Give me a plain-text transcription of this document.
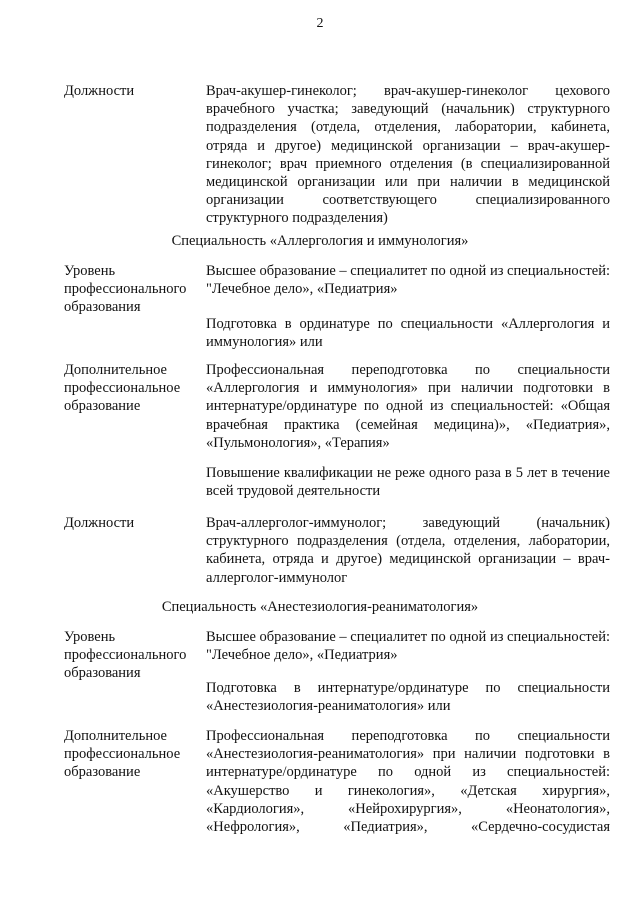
2
Должности	Врач-акушер-гинеколог; врач-акушер-гинеколог цехового врачебного участка; заведующий (начальник) структурного подразделения (отдела, отделения, лаборатории, кабинета, отряда и другое) медицинской организации – врач-акушер-гинеколог; врач приемного отделения (в специализированной медицинской организации или при наличии в медицинской организации соответствующего специализированного структурного подразделения)
Специальность «Аллергология и иммунология»
Уровень
профессионального
образования
Высшее образование – специалитет по одной из специальностей: "Лечебное дело», «Педиатрия»
Подготовка в ординатуре по специальности «Аллергология и иммунология» или
Дополнительное
профессиональное
образование
Профессиональная переподготовка по специальности «Аллергология и иммунология» при наличии подготовки в интернатуре/ординатуре по одной из специальностей: «Общая врачебная практика (семейная медицина)», «Педиатрия», «Пульмонология», «Терапия»
Повышение квалификации не реже одного раза в 5 лет в течение всей трудовой деятельности
Должности	Врач-аллерголог-иммунолог; заведующий (начальник) структурного подразделения (отдела, отделения, лаборатории, кабинета, отряда и другое) медицинской организации – врач-аллерголог-иммунолог
Специальность «Анестезиология-реаниматология»
Уровень
профессионального
образования
Высшее образование – специалитет по одной из специальностей: "Лечебное дело», «Педиатрия»
Подготовка в интернатуре/ординатуре по специальности «Анестезиология-реаниматология» или
Дополнительное
профессиональное
образование
Профессиональная переподготовка по специальности «Анестезиология-реаниматология» при наличии подготовки в интернатуре/ординатуре по одной из специальностей: «Акушерство и гинекология», «Детская хирургия», «Кардиология», «Нейрохирургия», «Неонатология», «Нефрология», «Педиатрия», «Сердечно-сосудистая
